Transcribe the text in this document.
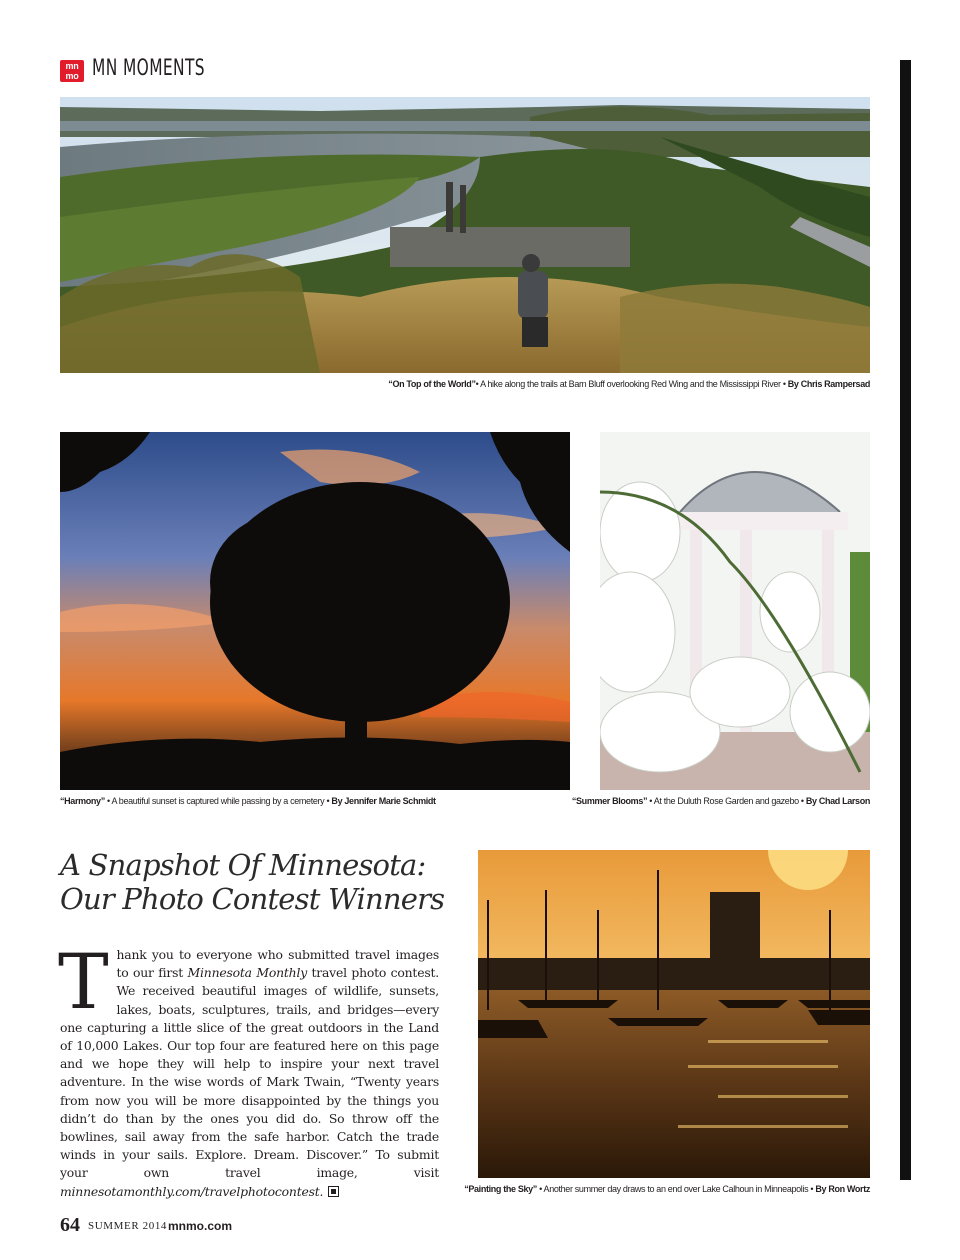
mn
mo MN MOMENTS
“On Top of the World”• A hike along the trails at Barn Bluff overlooking Red Wing and the Mississippi River • By Chris Rampersad
“Harmony” • A beautiful sunset is captured while passing by a cemetery • By Jennifer Marie Schmidt	“Summer Blooms” • At the Duluth Rose Garden and gazebo • By Chad Larson
A Snapshot Of Minnesota:
Our Photo Contest Winners
Thank you to everyone who submitted travel images to our first Minnesota Monthly travel photo contest. We received beautiful images of wildlife, sunsets, lakes, boats, sculptures, trails, and bridges—every one capturing a little slice of the great outdoors in the Land of 10,000 Lakes. Our top four are featured here on this page and we hope they will help to inspire your next travel adventure. In the wise words of Mark Twain, “Twenty years from now you will be more disappointed by the things you didn’t do than by the ones you did do. So throw off the bowlines, sail away from the safe harbor. Catch the trade winds in your sails. Explore. Dream. Discover.” To submit your own travel image, visit minnesotamonthly.com/travelphotocontest.	“Painting the Sky” • Another summer day draws to an end over Lake Calhoun in Minneapolis • By Ron Wortz
64 SUMMER 2014 mnmo.com
